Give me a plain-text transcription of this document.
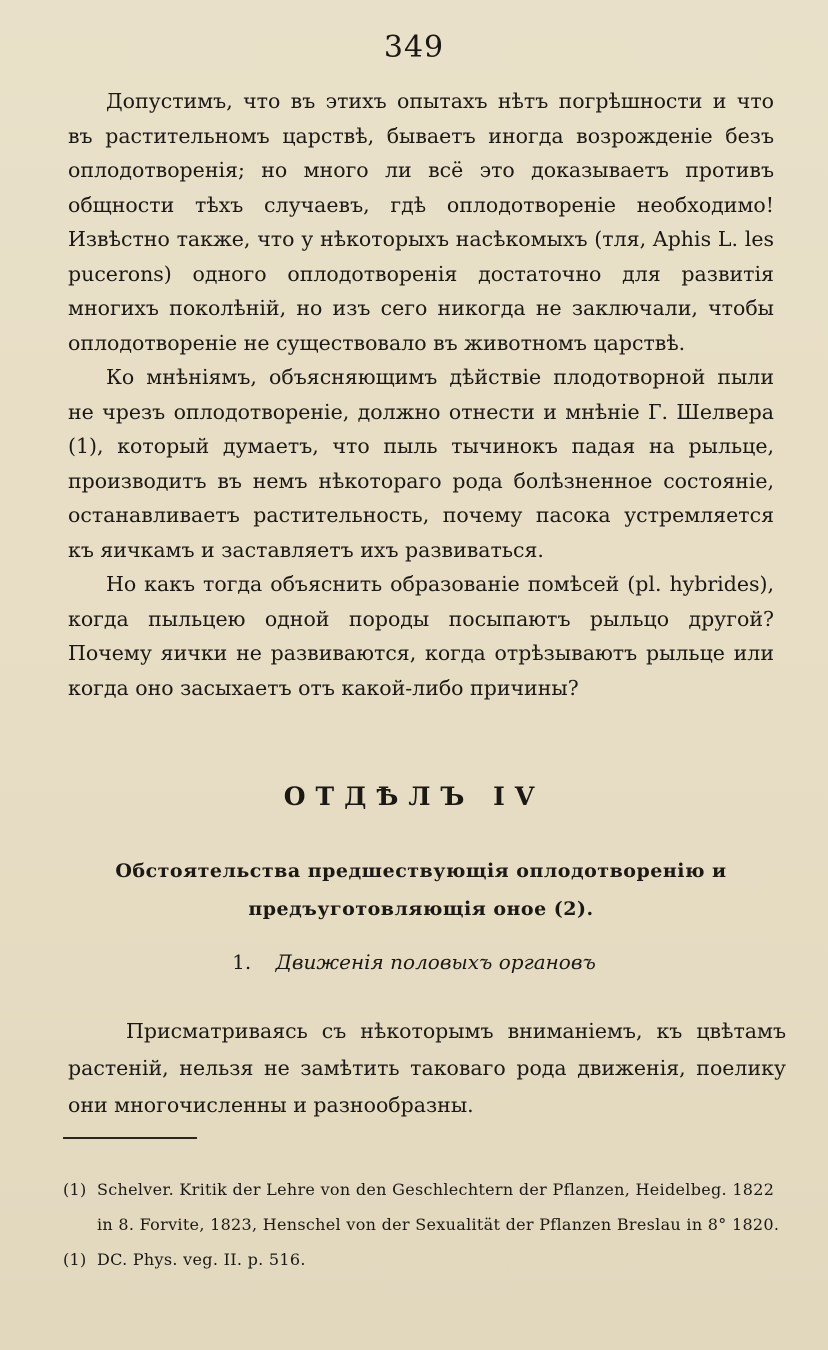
349

Допустимъ, что въ этихъ опытахъ нѣтъ погрѣшности и что въ растительномъ царствѣ, бываетъ иногда возрожденіе безъ оплодотворенія; но много ли всё это доказываетъ противъ общности тѣхъ случаевъ, гдѣ оплодотвореніе необходимо! Извѣстно также, что у нѣкоторыхъ насѣкомыхъ (тля, Aphis L. les pucerons) одного оплодотворенія достаточно для развитія многихъ поколѣній, но изъ сего никогда не заключали, чтобы оплодотвореніе не существовало въ животномъ царствѣ.

Ко мнѣніямъ, объясняющимъ дѣйствіе плодотворной пыли не чрезъ оплодотвореніе, должно отнести и мнѣніе Г. Шелвера (1), который думаетъ, что пыль тычинокъ падая на рыльце, производитъ въ немъ нѣкотораго рода болѣзненное состояніе, останавливаетъ растительность, почему пасока устремляется къ яичкамъ и заставляетъ ихъ развиваться.

Но какъ тогда объяснить образованіе помѣсей (pl. hybrides), когда пыльцею одной породы посыпаютъ рыльцо другой? Почему яички не развиваются, когда отрѣзываютъ рыльце или когда оно засыхаетъ отъ какой-либо причины?

ОТДѢЛЪ IV
Обстоятельства предшествующія оплодотворенію и предъуготовляющія оное (2).
1. Движенія половыхъ органовъ

Присматриваясь съ нѣкоторымъ вниманіемъ, къ цвѣтамъ растеній, нельзя не замѣтить таковаго рода движенія, поелику они многочисленны и разнообразны.

(1) Schelver. Kritik der Lehre von den Geschlechtern der Pflanzen, Heidelbeg. 1822 in 8. Forvite, 1823, Henschel von der Sexualität der Pflanzen Breslau in 8° 1820.

(1) DC. Phys. veg. II. p. 516.
